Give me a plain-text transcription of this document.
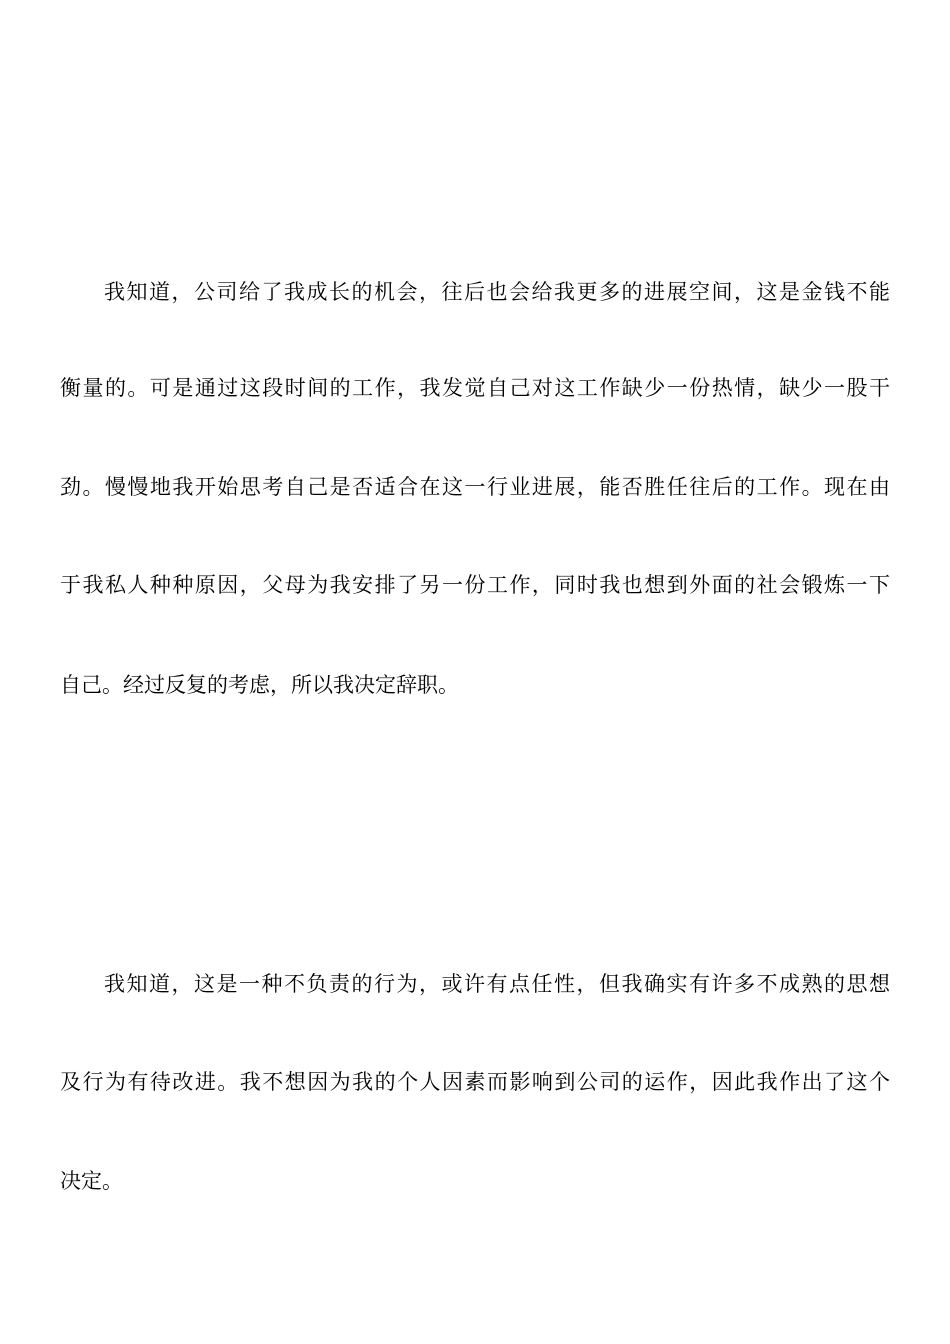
我知道，公司给了我成长的机会，往后也会给我更多的进展空间，这是金钱不能
衡量的。可是通过这段时间的工作，我发觉自己对这工作缺少一份热情，缺少一股干
劲。慢慢地我开始思考自己是否适合在这一行业进展，能否胜任往后的工作。现在由
于我私人种种原因，父母为我安排了另一份工作，同时我也想到外面的社会锻炼一下
自己。经过反复的考虑，所以我决定辞职。
我知道，这是一种不负责的行为，或许有点任性，但我确实有许多不成熟的思想
及行为有待改进。我不想因为我的个人因素而影响到公司的运作，因此我作出了这个
决定。
